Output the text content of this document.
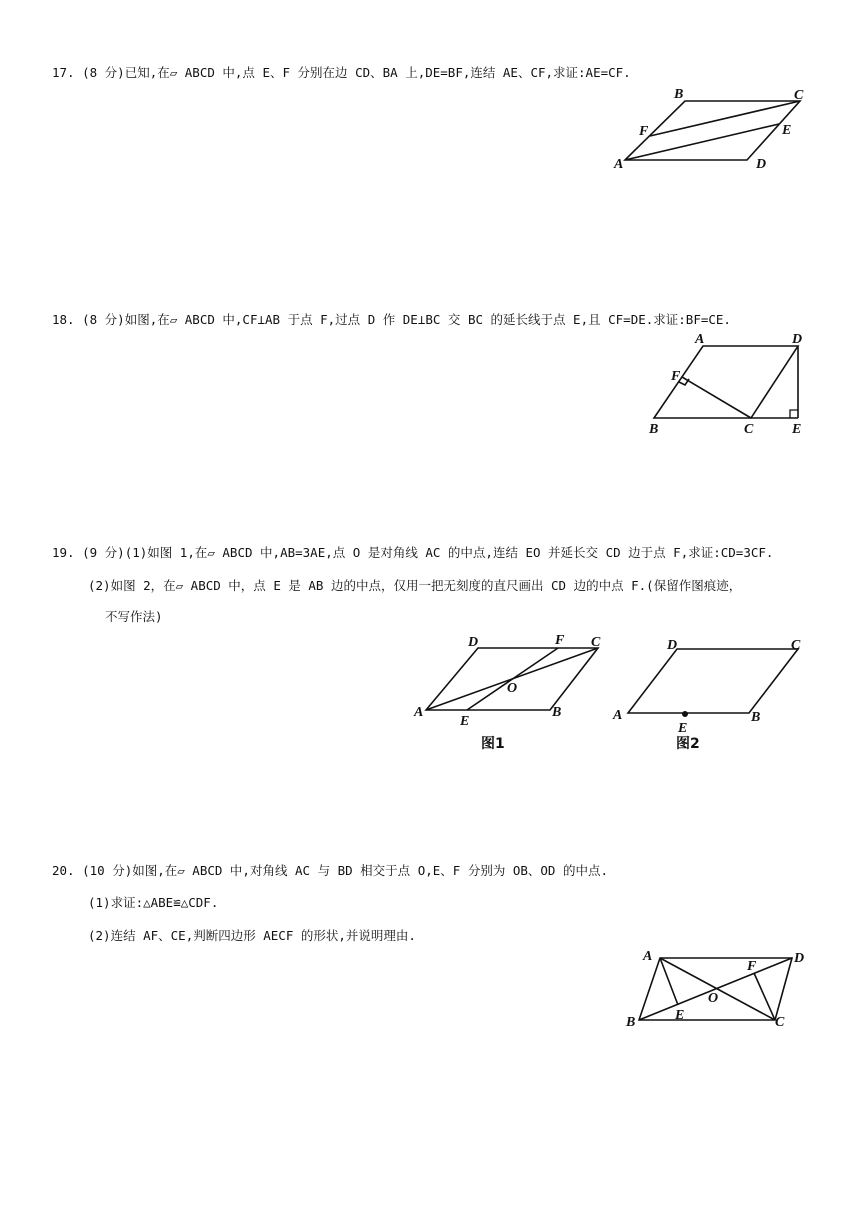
17. (8 分)已知,在▱ ABCD 中,点 E、F 分别在边 CD、BA 上,DE=BF,连结 AE、CF,求证:AE=CF.
A
B	C
D
E
F
18. (8 分)如图,在▱ ABCD 中,CF⊥AB 于点 F,过点 D 作 DE⊥BC 交 BC 的延长线于点 E,且 CF=DE.求证:BF=CE.
A
B	C
D
E
F
19. (9 分)(1)如图 1,在▱ ABCD 中,AB=3AE,点 O 是对角线 AC 的中点,连结 EO 并延长交 CD 边于点 F,求证:CD=3CF.
(2)如图 2，在▱ ABCD 中，点 E 是 AB 边的中点，仅用一把无刻度的直尺画出 CD 边的中点 F.(保留作图痕迹，
不写作法)
A	B
C
D
E
F
O
图1
A	B
C
D
E
图2
20. (10 分)如图,在▱ ABCD 中,对角线 AC 与 BD 相交于点 O,E、F 分别为 OB、OD 的中点.
(1)求证:△ABE≌△CDF.
(2)连结 AF、CE,判断四边形 AECF 的形状,并说明理由.
A
B	C
D
E
F
O
